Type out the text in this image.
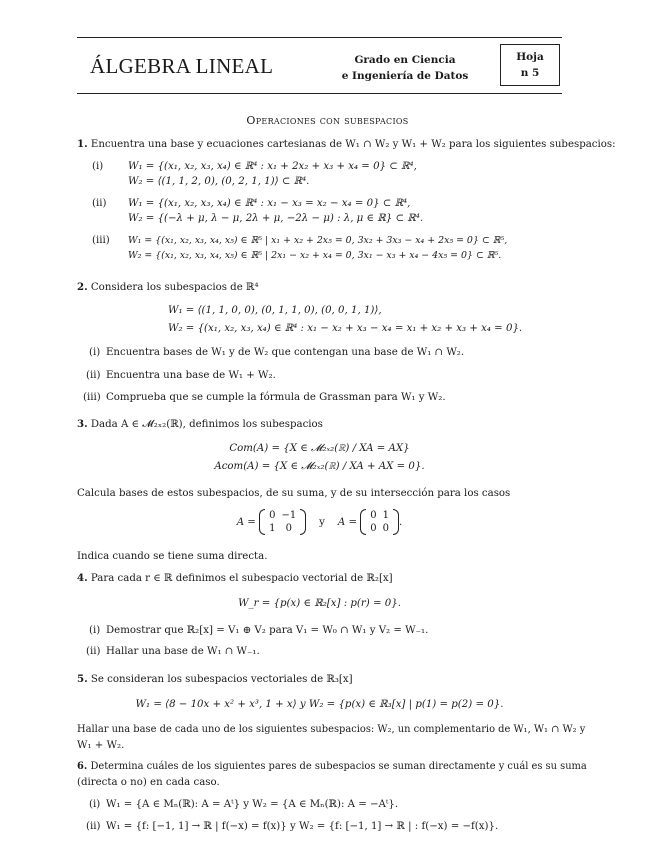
ÁLGEBRA LINEAL	Grado en Ciencia
e Ingeniería de Datos
Hoja
n 5
Operaciones con subespacios
1. Encuentra una base y ecuaciones cartesianas de W₁ ∩ W₂ y W₁ + W₂ para los siguientes subespacios:
(i) W₁ = {(x₁, x₂, x₃, x₄) ∈ ℝ⁴ : x₁ + 2x₂ + x₃ + x₄ = 0} ⊂ ℝ⁴,
W₂ = ⟨(1, 1, 2, 0), (0, 2, 1, 1)⟩ ⊂ ℝ⁴.
(ii) W₁ = {(x₁, x₂, x₃, x₄) ∈ ℝ⁴ : x₁ − x₃ = x₂ − x₄ = 0} ⊂ ℝ⁴,
W₂ = {(−λ + μ, λ − μ, 2λ + μ, −2λ − μ) : λ, μ ∈ ℝ} ⊂ ℝ⁴.
(iii) W₁ = {(x₁, x₂, x₃, x₄, x₅) ∈ ℝ⁵ | x₁ + x₂ + 2x₅ = 0, 3x₂ + 3x₃ − x₄ + 2x₅ = 0} ⊂ ℝ⁵,
W₂ = {(x₁, x₂, x₃, x₄, x₅) ∈ ℝ⁵ | 2x₁ − x₂ + x₄ = 0, 3x₁ − x₃ + x₄ − 4x₅ = 0} ⊂ ℝ⁵.
2. Considera los subespacios de ℝ⁴
W₁ = ⟨(1, 1, 0, 0), (0, 1, 1, 0), (0, 0, 1, 1)⟩,
W₂ = {(x₁, x₂, x₃, x₄) ∈ ℝ⁴ : x₁ − x₂ + x₃ − x₄ = x₁ + x₂ + x₃ + x₄ = 0}.
(i) Encuentra bases de W₁ y de W₂ que contengan una base de W₁ ∩ W₂.
(ii) Encuentra una base de W₁ + W₂.
(iii) Comprueba que se cumple la fórmula de Grassman para W₁ y W₂.
3. Dada A ∈ 𝓜₂ₓ₂(ℝ), definimos los subespacios
Com(A) = {X ∈ 𝓜₂ₓ₂(ℝ) / XA = AX}
Acom(A) = {X ∈ 𝓜₂ₓ₂(ℝ) / XA + AX = 0}.
Calcula bases de estos subespacios, de su suma, y de su intersección para los casos
A =
0	−1
1	0
y A =
0	1
0	0
.
Indica cuando se tiene suma directa.
4. Para cada r ∈ ℝ definimos el subespacio vectorial de ℝ₂[x]
W_r = {p(x) ∈ ℝ₂[x] : p(r) = 0}.
(i) Demostrar que ℝ₂[x] = V₁ ⊕ V₂ para V₁ = W₀ ∩ W₁ y V₂ = W₋₁.
(ii) Hallar una base de W₁ ∩ W₋₁.
5. Se consideran los subespacios vectoriales de ℝ₃[x]
W₁ = ⟨8 − 10x + x² + x³, 1 + x⟩ y W₂ = {p(x) ∈ ℝ₃[x] | p(1) = p(2) = 0}.
Hallar una base de cada uno de los siguientes subespacios: W₂, un complementario de W₁, W₁ ∩ W₂ y
W₁ + W₂.
6. Determina cuáles de los siguientes pares de subespacios se suman directamente y cuál es su suma
(directa o no) en cada caso.
(i) W₁ = {A ∈ Mₙ(ℝ): A = Aᵗ} y W₂ = {A ∈ Mₙ(ℝ): A = −Aᵗ}.
(ii) W₁ = {f: [−1, 1] → ℝ | f(−x) = f(x)} y W₂ = {f: [−1, 1] → ℝ | : f(−x) = −f(x)}.
